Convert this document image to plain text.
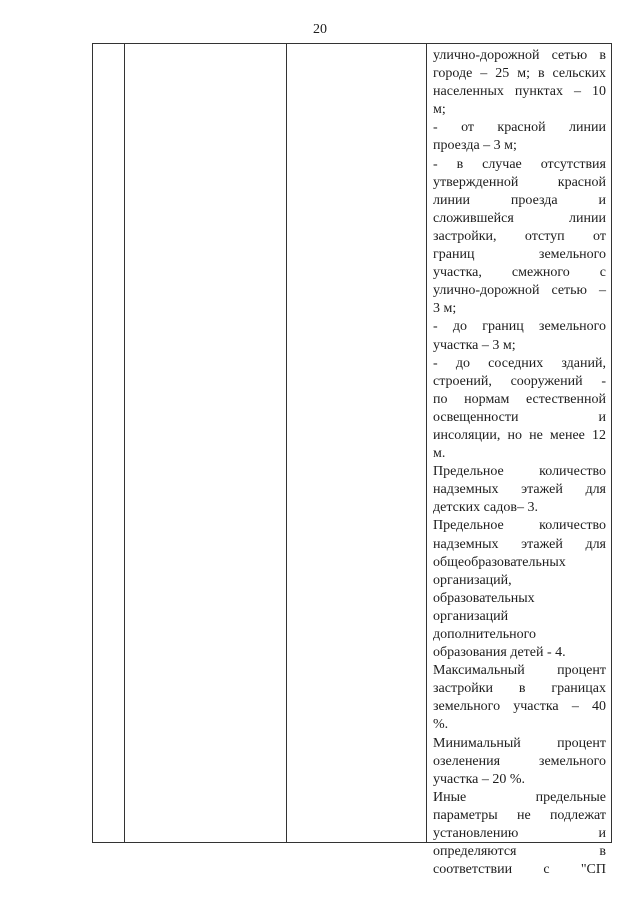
20
улично-дорожной сетью в
городе – 25 м; в сельских
населенных пунктах – 10
м;
- от красной линии
проезда – 3 м;
- в случае отсутствия
утвержденной красной
линии проезда и
сложившейся линии
застройки, отступ от
границ земельного
участка, смежного с
улично-дорожной сетью –
3 м;
- до границ земельного
участка – 3 м;
- до соседних зданий,
строений, сооружений -
по нормам естественной
освещенности и
инсоляции, но не менее 12
м.
Предельное количество
надземных этажей для
детских садов– 3.
Предельное количество
надземных этажей для
общеобразовательных
организаций,
образовательных
организаций
дополнительного
образования детей - 4.
Максимальный процент
застройки в границах
земельного участка – 40
%.
Минимальный процент
озеленения земельного
участка – 20 %.
Иные предельные
параметры не подлежат
установлению и
определяются в
соответствии с "СП
